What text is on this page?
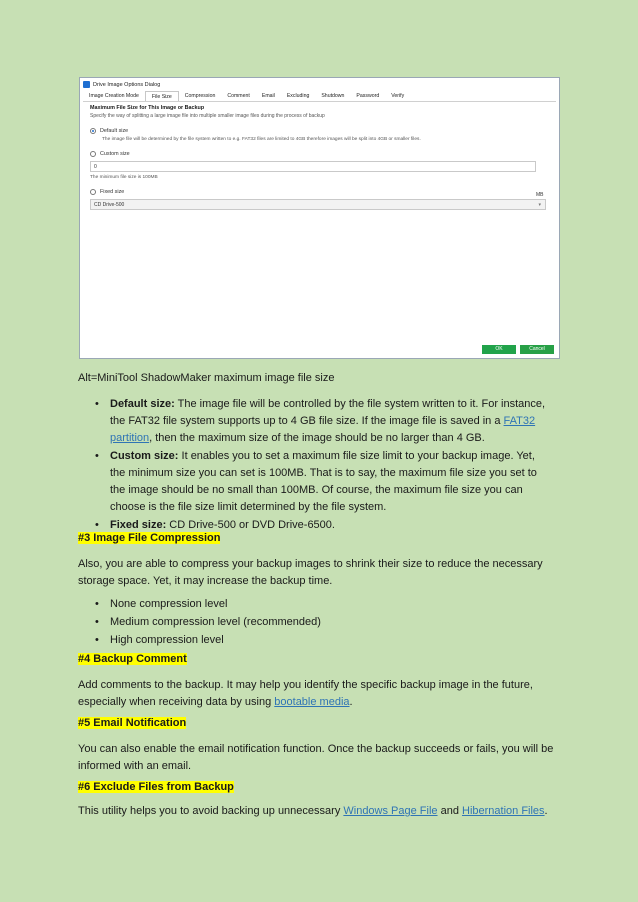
Drive Image Options Dialog
Image Creation Mode	File Size	Compression	Comment	Email	Excluding	Shutdown	Password	Verify
Maximum File Size for This Image or Backup
Specify the way of splitting a large image file into multiple smaller image files during the process of backup
Default size
The image file will be determined by the file system written to e.g. FAT32 files are limited to 4GB therefore images will be split into 4GB or smaller files.
Custom size
0
The minimum file size is 100MB
Fixed size
CD Drive-500	▾
MB
OK	Cancel
Alt=MiniTool ShadowMaker maximum image file size
• Default size: The image file will be controlled by the file system written to it. For instance, the FAT32 file system supports up to 4 GB file size. If the image file is saved in a FAT32 partition, then the maximum size of the image should be no larger than 4 GB.
• Custom size: It enables you to set a maximum file size limit to your backup image. Yet, the minimum size you can set is 100MB. That is to say, the maximum file size you set to the image should be no small than 100MB. Of course, the maximum file size you can choose is the file size limit determined by the file system.
• Fixed size: CD Drive-500 or DVD Drive-6500.
#3 Image File Compression
Also, you are able to compress your backup images to shrink their size to reduce the necessary storage space. Yet, it may increase the backup time.
• None compression level
• Medium compression level (recommended)
• High compression level
#4 Backup Comment
Add comments to the backup. It may help you identify the specific backup image in the future, especially when receiving data by using bootable media.
#5 Email Notification
You can also enable the email notification function. Once the backup succeeds or fails, you will be informed with an email.
#6 Exclude Files from Backup
This utility helps you to avoid backing up unnecessary Windows Page File and Hibernation Files.
